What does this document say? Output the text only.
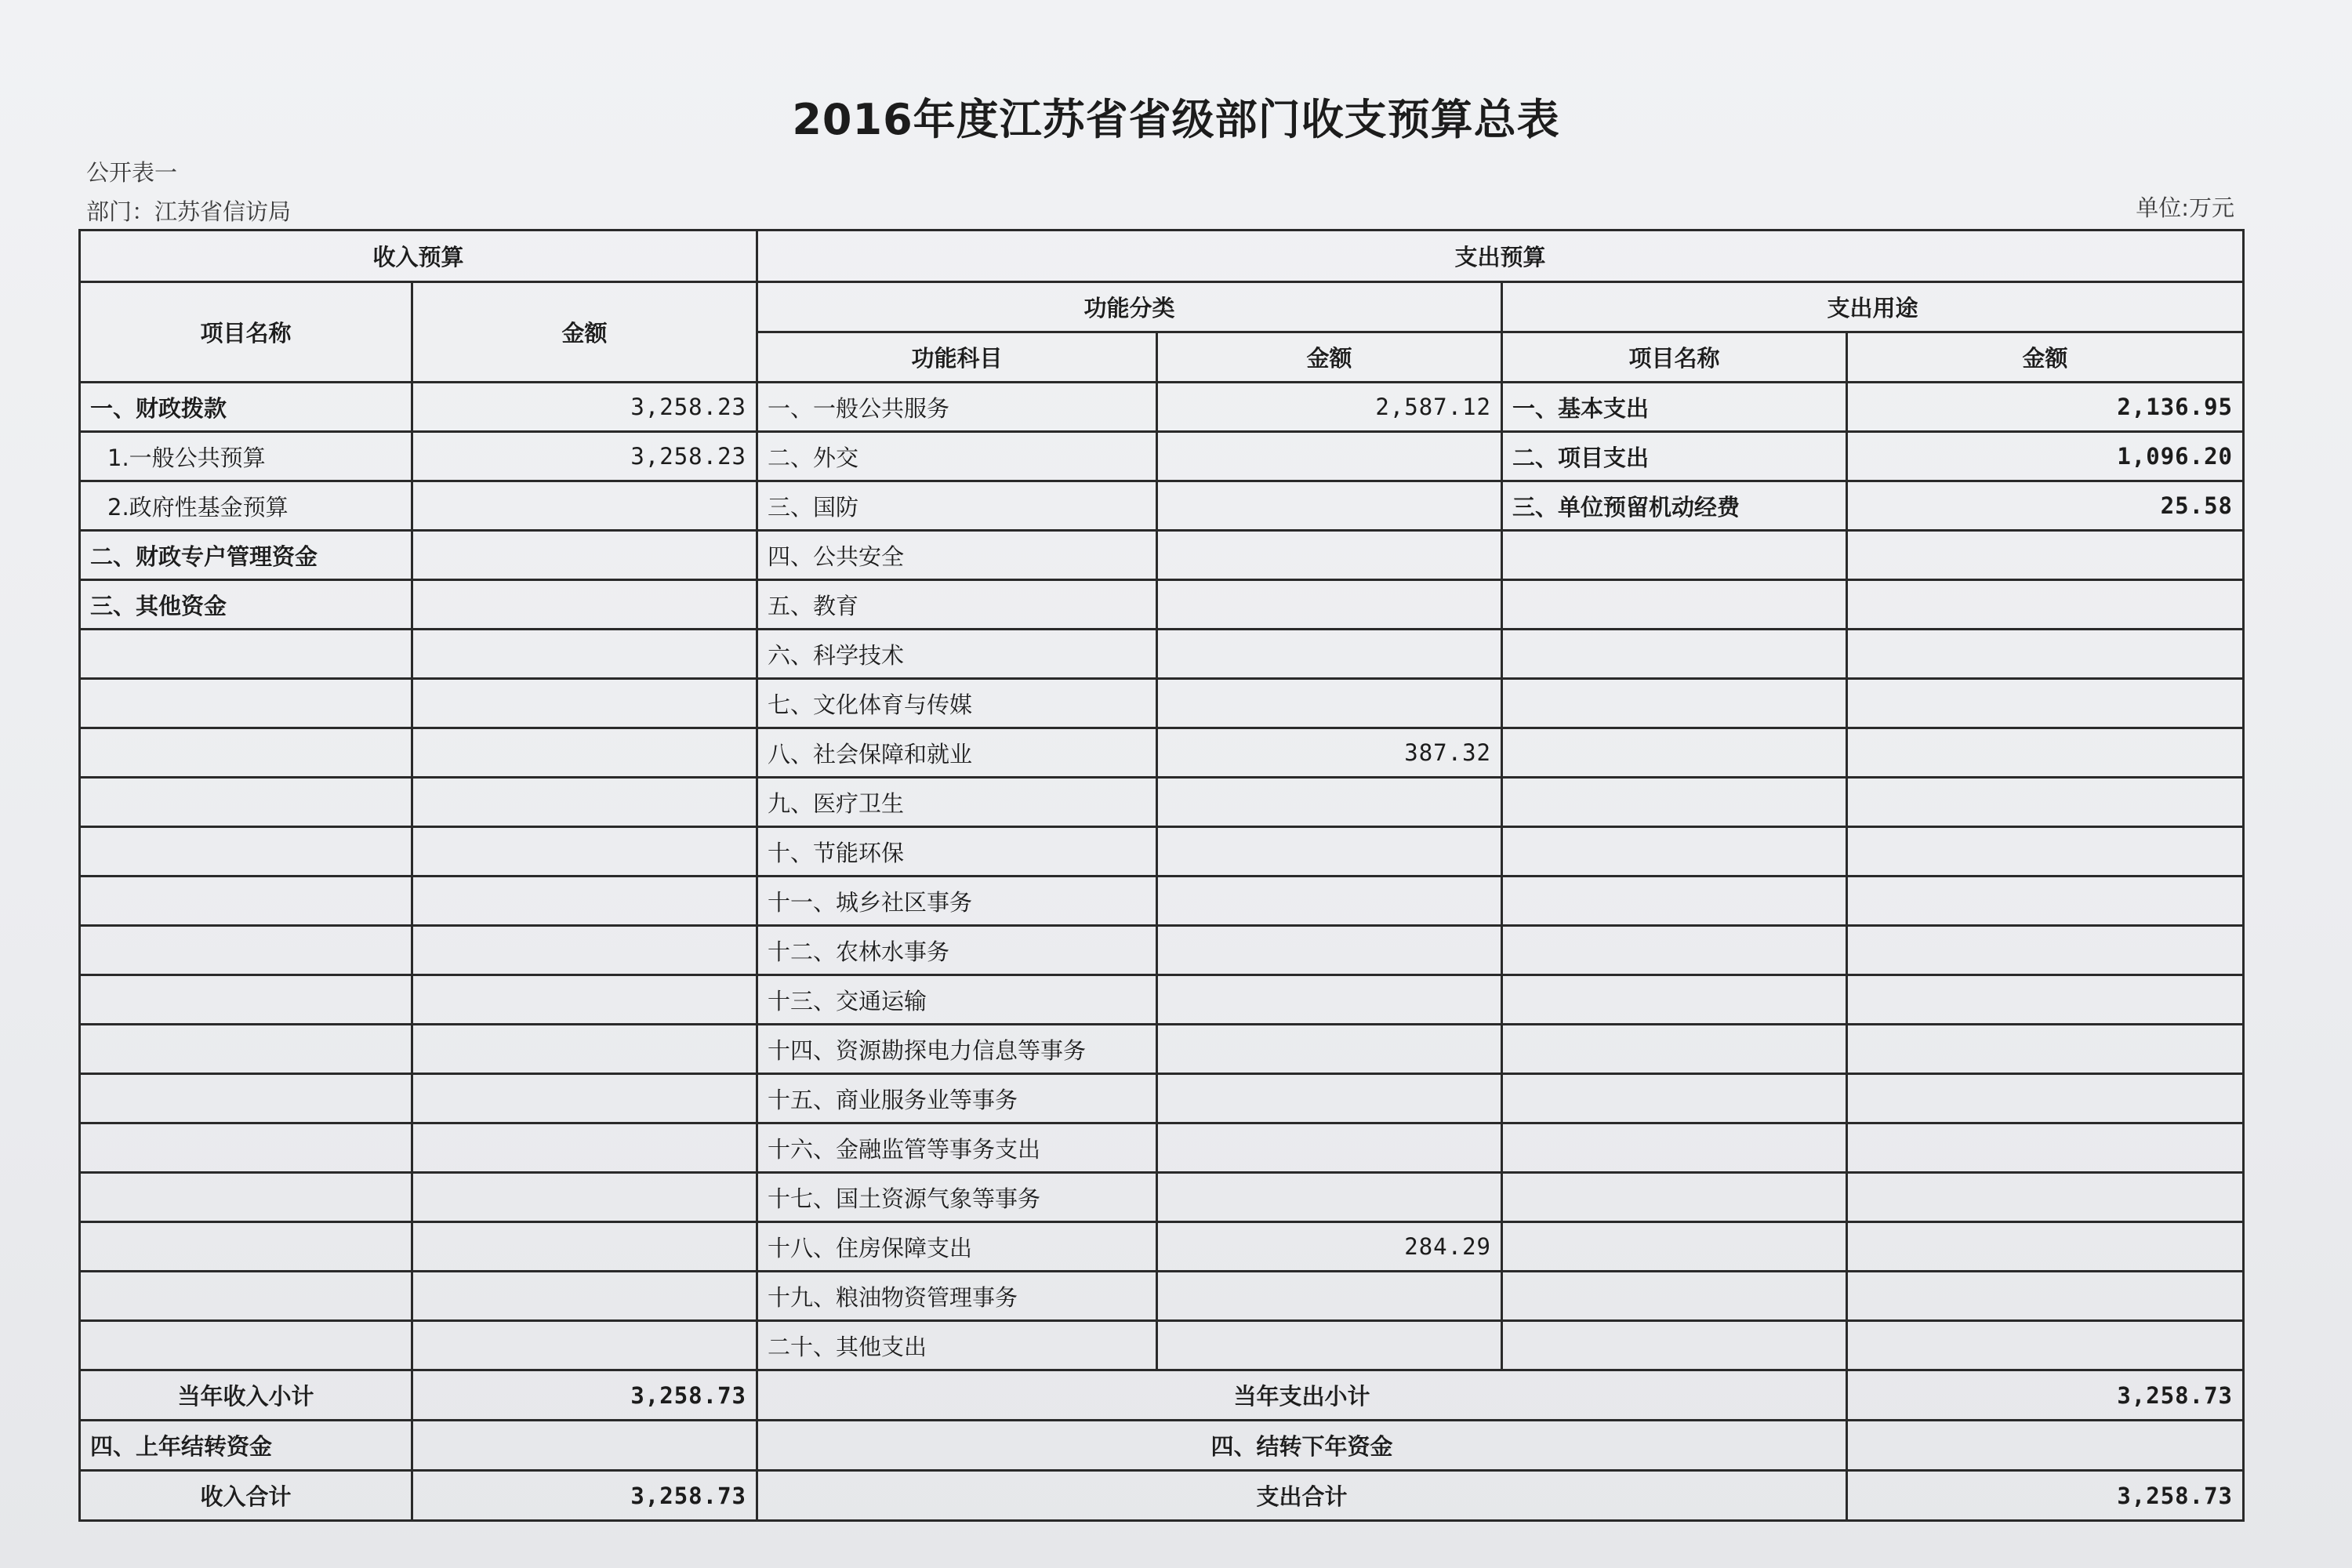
2016年度江苏省省级部门收支预算总表
公开表一
部门：江苏省信访局	单位:万元
收入预算		支出预算			
项目名称	金额	功能分类		支出用途	
		功能科目	金额	项目名称	金额
一、财政拨款	3,258.23	一、一般公共服务	2,587.12	一、基本支出	2,136.95
1.一般公共预算	3,258.23	二、外交		二、项目支出	1,096.20
2.政府性基金预算		三、国防		三、单位预留机动经费	25.58
二、财政专户管理资金		四、公共安全			
三、其他资金		五、教育			
		六、科学技术			
		七、文化体育与传媒			
		八、社会保障和就业	387.32		
		九、医疗卫生			
		十、节能环保			
		十一、城乡社区事务			
		十二、农林水事务			
		十三、交通运输			
		十四、资源勘探电力信息等事务			
		十五、商业服务业等事务			
		十六、金融监管等事务支出			
		十七、国土资源气象等事务			
		十八、住房保障支出	284.29		
		十九、粮油物资管理事务			
		二十、其他支出			
当年收入小计	3,258.73	当年支出小计			3,258.73
四、上年结转资金		四、结转下年资金			
收入合计	3,258.73	支出合计			3,258.73
